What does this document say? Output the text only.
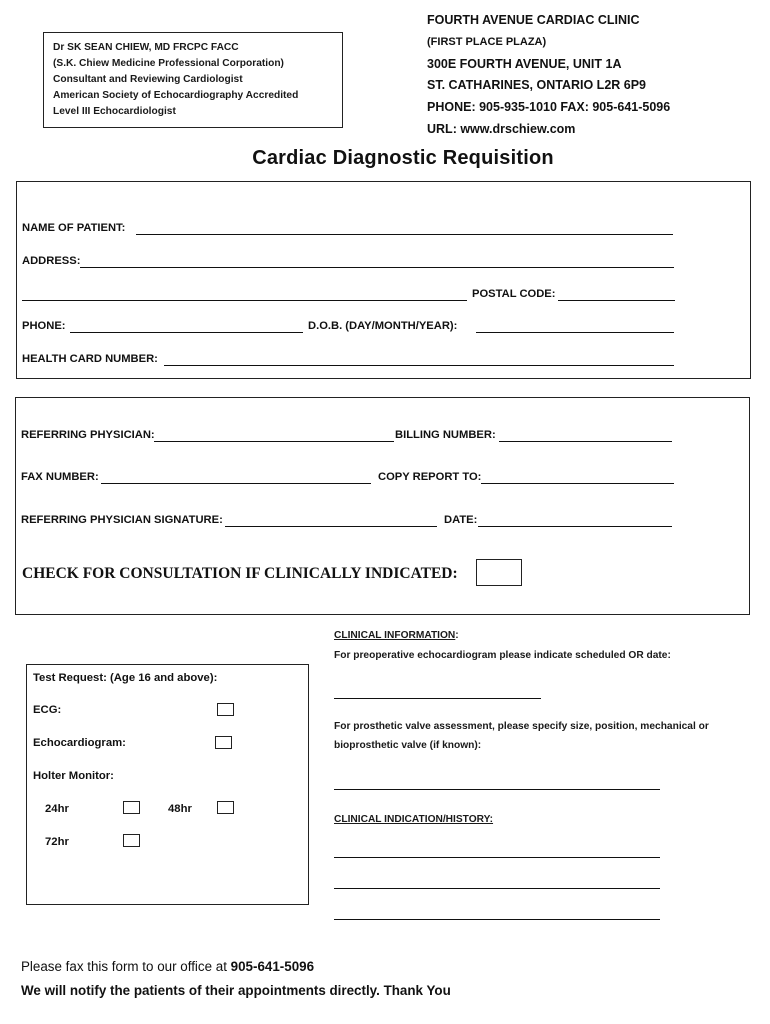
Dr SK SEAN CHIEW, MD FRCPC FACC
(S.K. Chiew Medicine Professional Corporation)
Consultant and Reviewing Cardiologist
American Society of Echocardiography Accredited
Level III Echocardiologist
FOURTH AVENUE CARDIAC CLINIC
(FIRST PLACE PLAZA)
300E FOURTH AVENUE, UNIT 1A
ST. CATHARINES, ONTARIO L2R 6P9
PHONE: 905-935-1010 FAX: 905-641-5096
URL: www.drschiew.com
Cardiac Diagnostic Requisition
NAME OF PATIENT:
ADDRESS:
POSTAL CODE:
PHONE:	D.O.B. (DAY/MONTH/YEAR):
HEALTH CARD NUMBER:
REFERRING PHYSICIAN:	BILLING NUMBER:
FAX NUMBER:	COPY REPORT TO:
REFERRING PHYSICIAN SIGNATURE:	DATE:
CHECK FOR CONSULTATION IF CLINICALLY INDICATED:
CLINICAL INFORMATION:
For preoperative echocardiogram please indicate scheduled OR date:
For prosthetic valve assessment, please specify size, position, mechanical or
bioprosthetic valve (if known):
CLINICAL INDICATION/HISTORY:
Test Request: (Age 16 and above):
ECG:
Echocardiogram:
Holter Monitor:
24hr	48hr
72hr
Please fax this form to our office at 905-641-5096
We will notify the patients of their appointments directly. Thank You
